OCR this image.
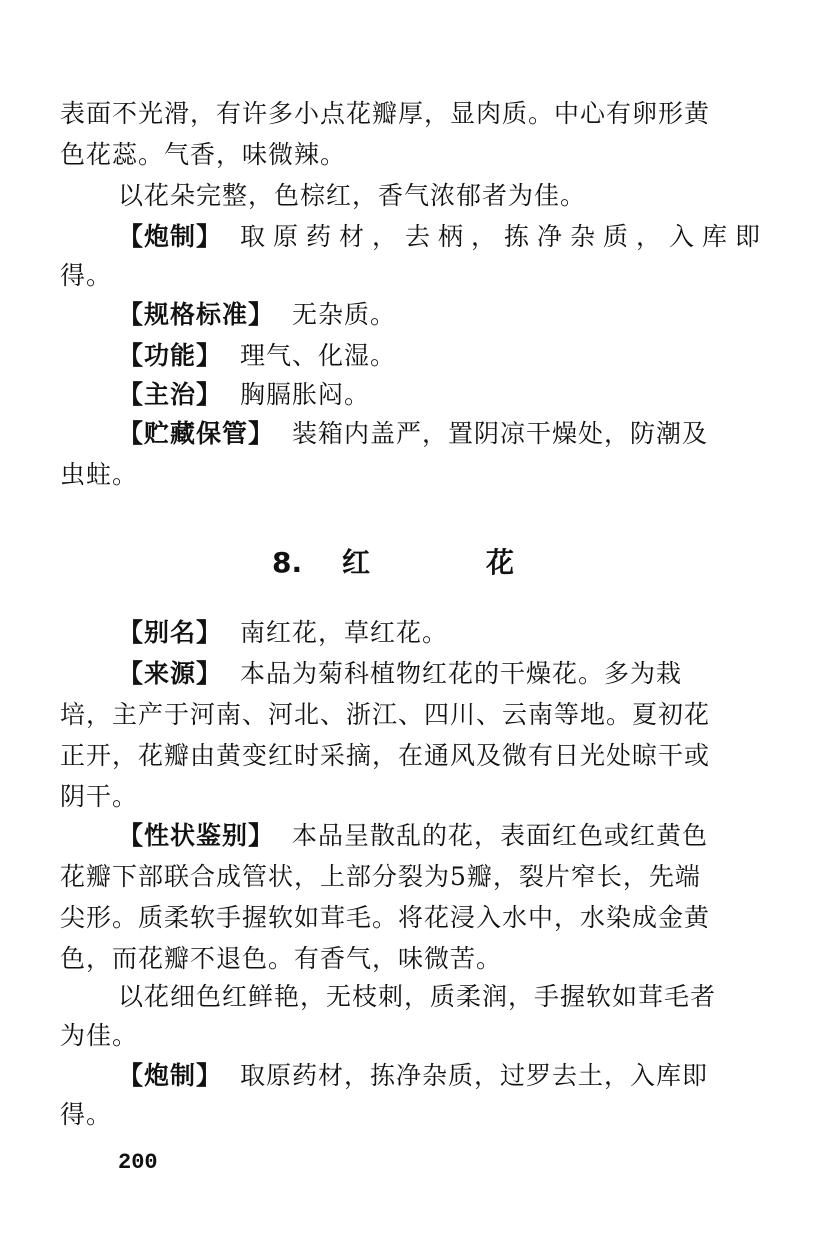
表面不光滑，有许多小点花瓣厚，显肉质。中心有卵形黄
色花蕊。气香，味微辣。
以花朵完整，色棕红，香气浓郁者为佳。
【炮制】 取原药材，去柄，拣净杂质，入库即
得。
【规格标准】 无杂质。
【功能】 理气、化湿。
【主治】 胸膈胀闷。
【贮藏保管】 装箱内盖严，置阴凉干燥处，防潮及
虫蛀。
8. 红	花
【别名】 南红花，草红花。
【来源】 本品为菊科植物红花的干燥花。多为栽
培，主产于河南、河北、浙江、四川、云南等地。夏初花
正开，花瓣由黄变红时采摘，在通风及微有日光处晾干或
阴干。
【性状鉴别】 本品呈散乱的花，表面红色或红黄色
花瓣下部联合成管状，上部分裂为5瓣，裂片窄长，先端
尖形。质柔软手握软如茸毛。将花浸入水中，水染成金黄
色，而花瓣不退色。有香气，味微苦。
以花细色红鲜艳，无枝刺，质柔润，手握软如茸毛者
为佳。
【炮制】 取原药材，拣净杂质，过罗去土，入库即
得。
200
